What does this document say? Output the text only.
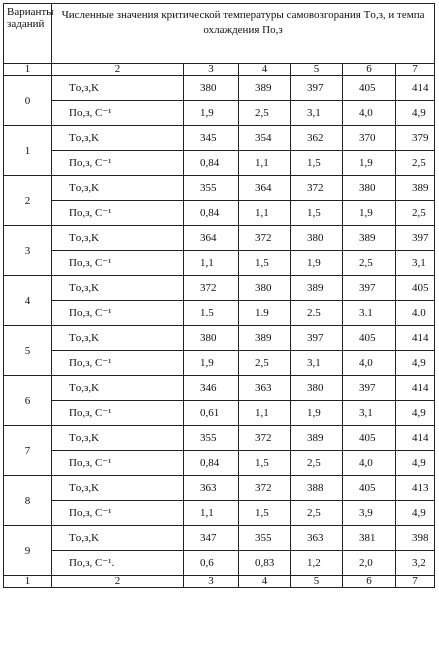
Варианты заданий	Численные значения критической температуры самовозгорания Tо,з, и темпа охлаждения По,з					
1	2	3	4	5	6	7
0	Tо,з,K	380	389	397	405	414
	По,з, С⁻¹	1,9	2,5	3,1	4,0	4,9
1	Tо,з,K	345	354	362	370	379
	По,з, С⁻¹	0,84	1,1	1,5	1,9	2,5
2	Tо,з,K	355	364	372	380	389
	По,з, С⁻¹	0,84	1,1	1,5	1,9	2,5
3	Tо,з,K	364	372	380	389	397
	По,з, С⁻¹	1,1	1,5	1,9	2,5	3,1
4	Tо,з,K	372	380	389	397	405
	По,з, С⁻¹	1.5	1.9	2.5	3.1	4.0
5	Tо,з,K	380	389	397	405	414
	По,з, С⁻¹	1,9	2,5	3,1	4,0	4,9
6	Tо,з,K	346	363	380	397	414
	По,з, С⁻¹	0,61	1,1	1,9	3,1	4,9
7	Tо,з,K	355	372	389	405	414
	По,з, С⁻¹	0,84	1,5	2,5	4,0	4,9
8	Tо,з,K	363	372	388	405	413
	По,з, С⁻¹	1,1	1,5	2,5	3,9	4,9
9	Tо,з,K	347	355	363	381	398
	По,з, С⁻¹.	0,6	0,83	1,2	2,0	3,2
1	2	3	4	5	6	7
